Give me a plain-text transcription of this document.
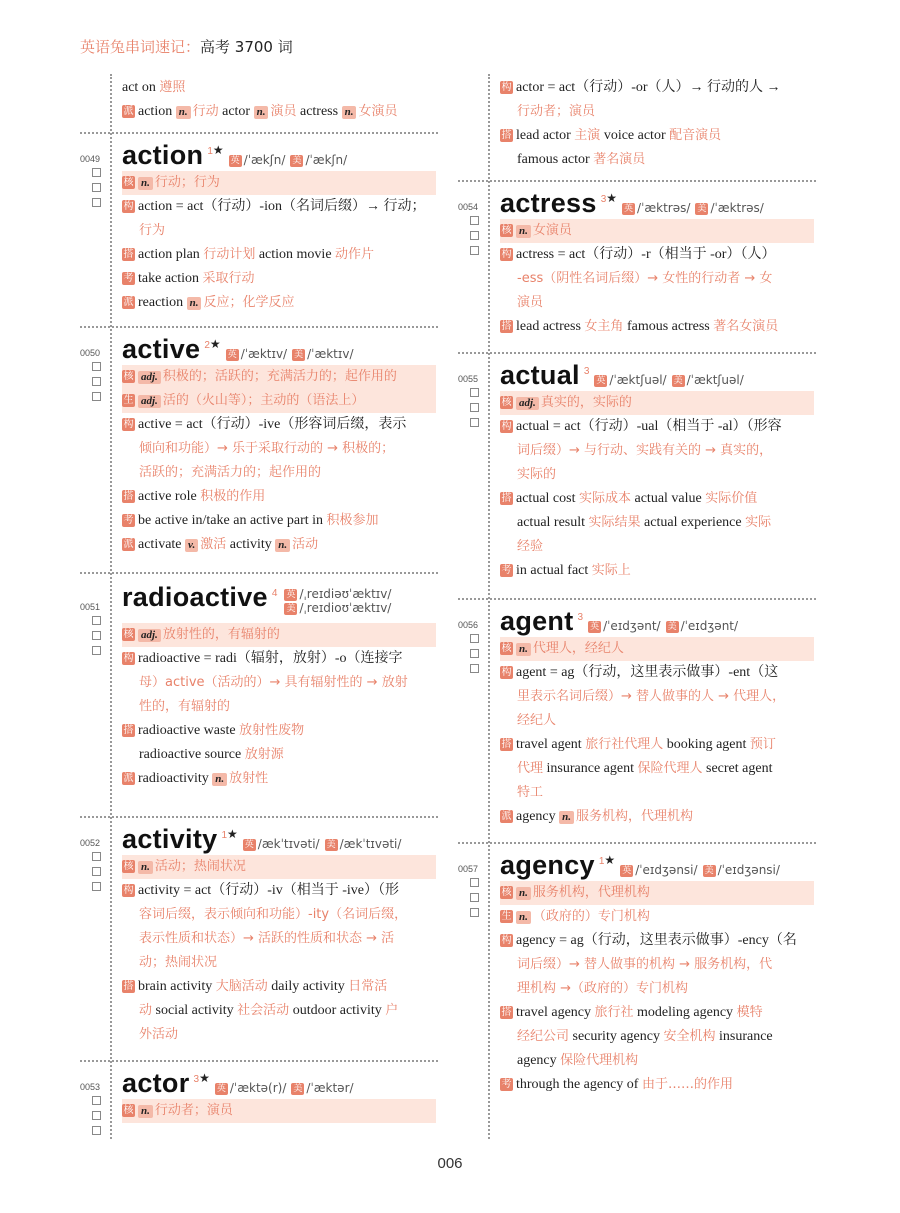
英语兔串词速记：高考 3700 词
act on 遵照
派 action n. 行动 actor n. 演员 actress n. 女演员
0049 action 1★
英 /ˈækʃn/ 美 /ˈækʃn/
核 n. 行动；行为
构 action = act（行动）-ion（名词后缀）→ 行动；
行为
搭 action plan 行动计划 action movie 动作片
考 take action 采取行动
派 reaction n. 反应；化学反应
0050 active 2★
英 /ˈæktɪv/ 美 /ˈæktɪv/
核 adj. 积极的；活跃的；充满活力的；起作用的
生 adj. 活的（火山等）；主动的（语法上）
构 active = act（行动）-ive（形容词后缀，表示
倾向和功能）→ 乐于采取行动的 → 积极的；
活跃的；充满活力的；起作用的
搭 active role 积极的作用
考 be active in/take an active part in 积极参加
派 activate v. 激活 activity n. 活动
0051 radioactive 4 英 /ˌreɪdiəʊˈæktɪv/
美 /ˌreɪdioʊˈæktɪv/
核 adj. 放射性的，有辐射的
构 radioactive = radi（辐射，放射）-o（连接字
母）active（活动的）→ 具有辐射性的 → 放射
性的，有辐射的
搭 radioactive waste 放射性废物
radioactive source 放射源
派 radioactivity n. 放射性
0052 activity 1★
英 /ækˈtɪvəti/ 美 /ækˈtɪvəti/
核 n. 活动；热闹状况
构 activity = act（行动）-iv（相当于 -ive）（形
容词后缀，表示倾向和功能）-ity（名词后缀，
表示性质和状态）→ 活跃的性质和状态 → 活
动；热闹状况
搭 brain activity 大脑活动 daily activity 日常活
动 social activity 社会活动 outdoor activity 户
外活动
0053 actor 3★
英 /ˈæktə(r)/ 美 /ˈæktər/
核 n. 行动者；演员
构 actor = act（行动）-or（人）→ 行动的人 →
行动者；演员
搭 lead actor 主演 voice actor 配音演员
famous actor 著名演员
0054 actress 3★
英 /ˈæktrəs/ 美 /ˈæktrəs/
核 n. 女演员
构 actress = act（行动）-r（相当于 -or）（人）
-ess（阴性名词后缀）→ 女性的行动者 → 女
演员
搭 lead actress 女主角 famous actress 著名女演员
0055 actual 3
英 /ˈæktʃuəl/ 美 /ˈæktʃuəl/
核 adj. 真实的，实际的
构 actual = act（行动）-ual（相当于 -al）（形容
词后缀）→ 与行动、实践有关的 → 真实的，
实际的
搭 actual cost 实际成本 actual value 实际价值
actual result 实际结果 actual experience 实际
经验
考 in actual fact 实际上
0056 agent 3
英 /ˈeɪdʒənt/ 美 /ˈeɪdʒənt/
核 n. 代理人，经纪人
构 agent = ag（行动，这里表示做事）-ent（这
里表示名词后缀）→ 替人做事的人 → 代理人，
经纪人
搭 travel agent 旅行社代理人 booking agent 预订
代理 insurance agent 保险代理人 secret agent
特工
派 agency n. 服务机构，代理机构
0057 agency 1★
英 /ˈeɪdʒənsi/ 美 /ˈeɪdʒənsi/
核 n. 服务机构，代理机构
生 n. （政府的）专门机构
构 agency = ag（行动，这里表示做事）-ency（名
词后缀）→ 替人做事的机构 → 服务机构，代
理机构 →（政府的）专门机构
搭 travel agency 旅行社 modeling agency 模特
经纪公司 security agency 安全机构 insurance
agency 保险代理机构
考 through the agency of 由于……的作用
006
